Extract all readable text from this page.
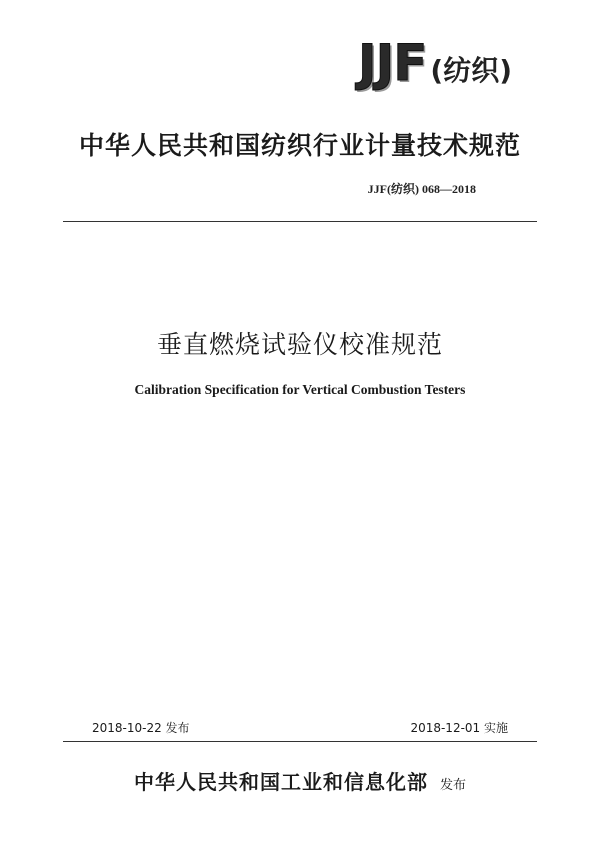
JJF (纺织)
中华人民共和国纺织行业计量技术规范
JJF(纺织) 068—2018
垂直燃烧试验仪校准规范
Calibration Specification for Vertical Combustion Testers
2018-10-22 发布	2018-12-01 实施
中华人民共和国工业和信息化部 发布
